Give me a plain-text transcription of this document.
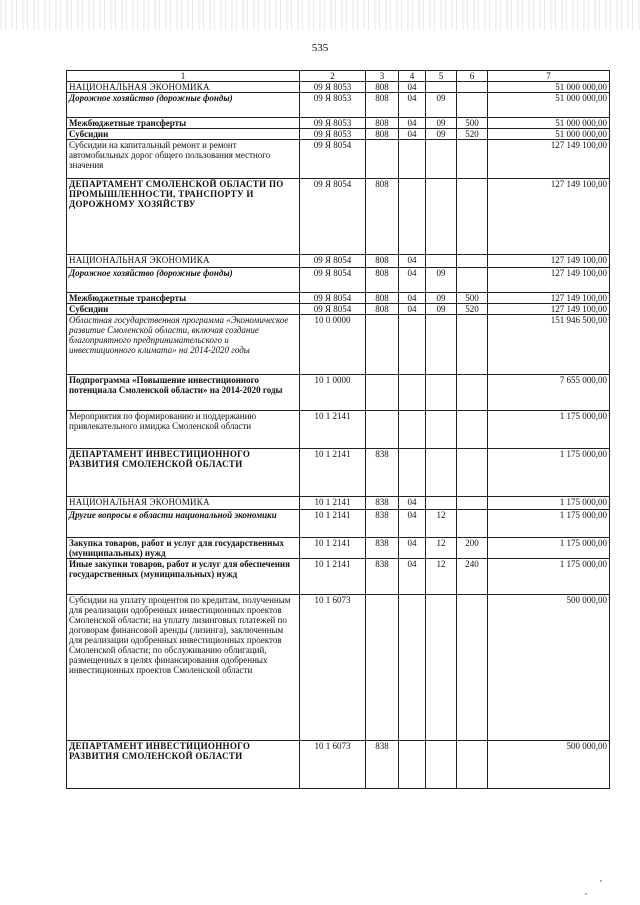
535
1	2	3	4	5	6	7
НАЦИОНАЛЬНАЯ ЭКОНОМИКА	09 Я 8053	808	04			51 000 000,00
Дорожное хозяйство (дорожные фонды)	09 Я 8053	808	04	09		51 000 000,00
Межбюджетные трансферты	09 Я 8053	808	04	09	500	51 000 000,00
Субсидии	09 Я 8053	808	04	09	520	51 000 000,00
Субсидии на капитальный ремонт и ремонт автомобильных дорог общего пользования местного значения	09 Я 8054					127 149 100,00
ДЕПАРТАМЕНТ СМОЛЕНСКОЙ ОБЛАСТИ ПО ПРОМЫШЛЕННОСТИ, ТРАНСПОРТУ И ДОРОЖНОМУ ХОЗЯЙСТВУ	09 Я 8054	808				127 149 100,00
НАЦИОНАЛЬНАЯ ЭКОНОМИКА	09 Я 8054	808	04			127 149 100,00
Дорожное хозяйство (дорожные фонды)	09 Я 8054	808	04	09		127 149 100,00
Межбюджетные трансферты	09 Я 8054	808	04	09	500	127 149 100,00
Субсидии	09 Я 8054	808	04	09	520	127 149 100,00
Областная государственная программа «Экономическое развитие Смоленской области, включая создание благоприятного предпринимательского и инвестиционного климата» на 2014-2020 годы	10 0 0000					151 946 500,00
Подпрограмма «Повышение инвестиционного потенциала Смоленской области» на 2014-2020 годы	10 1 0000					7 655 000,00
Мероприятия по формированию и поддержанию привлекательного имиджа Смоленской области	10 1 2141					1 175 000,00
ДЕПАРТАМЕНТ ИНВЕСТИЦИОННОГО РАЗВИТИЯ СМОЛЕНСКОЙ ОБЛАСТИ	10 1 2141	838				1 175 000,00
НАЦИОНАЛЬНАЯ ЭКОНОМИКА	10 1 2141	838	04			1 175 000,00
Другие вопросы в области национальной экономики	10 1 2141	838	04	12		1 175 000,00
Закупка товаров, работ и услуг для государственных (муниципальных) нужд	10 1 2141	838	04	12	200	1 175 000,00
Иные закупки товаров, работ и услуг для обеспечения государственных (муниципальных) нужд	10 1 2141	838	04	12	240	1 175 000,00
Субсидии на уплату процентов по кредитам, полученным для реализации одобренных инвестиционных проектов Смоленской области; на уплату лизинговых платежей по договорам финансовой аренды (лизинга), заключенным для реализации одобренных инвестиционных проектов Смоленской области; по обслуживанию облигаций, размещенных в целях финансирования одобренных инвестиционных проектов Смоленской области	10 1 6073					500 000,00
ДЕПАРТАМЕНТ ИНВЕСТИЦИОННОГО РАЗВИТИЯ СМОЛЕНСКОЙ ОБЛАСТИ	10 1 6073	838				500 000,00
